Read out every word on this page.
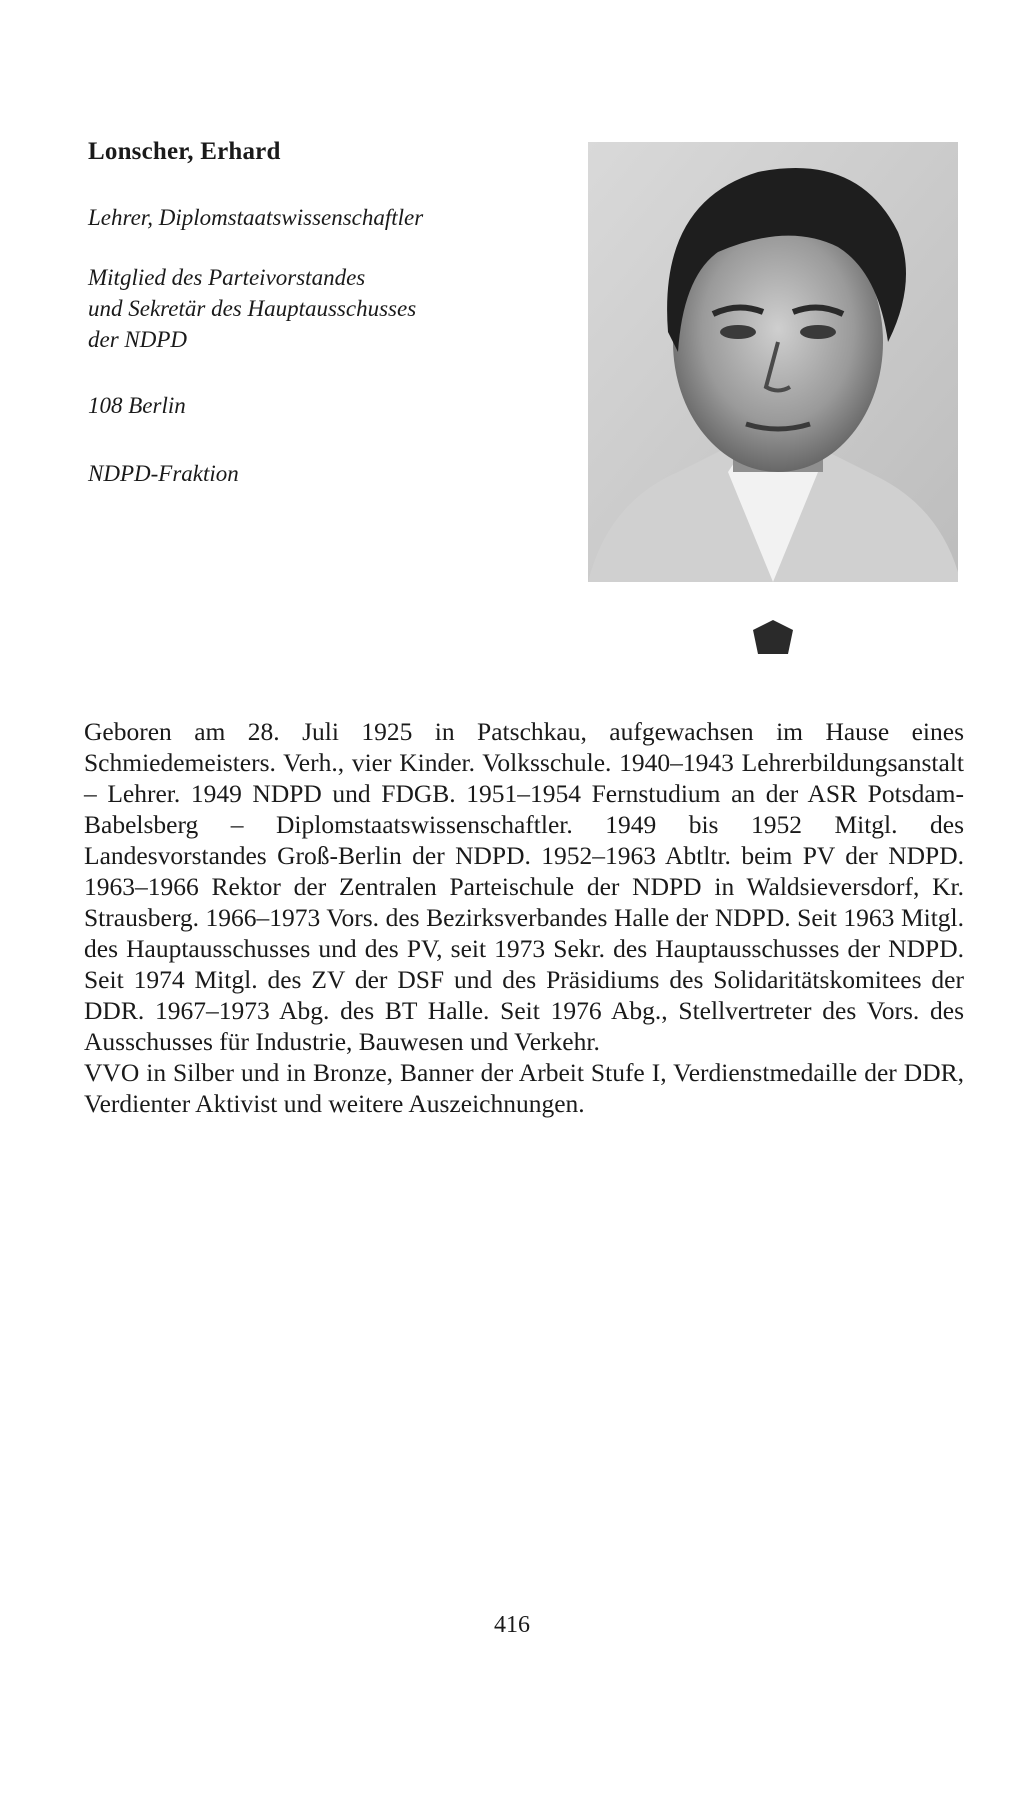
Lonscher, Erhard
Lehrer, Diplomstaatswissenschaftler
Mitglied des Parteivorstandes
und Sekretär des Hauptausschusses
der NDPD
108 Berlin
NDPD-Fraktion

Geboren am 28. Juli 1925 in Patschkau, aufgewachsen im Hause eines Schmiedemeisters. Verh., vier Kinder. Volksschule. 1940–1943 Lehrerbildungsanstalt – Lehrer. 1949 NDPD und FDGB. 1951–1954 Fernstudium an der ASR Potsdam-Babelsberg – Diplomstaatswissenschaftler. 1949 bis 1952 Mitgl. des Landesvorstandes Groß-Berlin der NDPD. 1952–1963 Abtltr. beim PV der NDPD. 1963–1966 Rektor der Zentralen Parteischule der NDPD in Waldsieversdorf, Kr. Strausberg. 1966–1973 Vors. des Bezirksverbandes Halle der NDPD. Seit 1963 Mitgl. des Hauptausschusses und des PV, seit 1973 Sekr. des Hauptausschusses der NDPD. Seit 1974 Mitgl. des ZV der DSF und des Präsidiums des Solidaritätskomitees der DDR. 1967–1973 Abg. des BT Halle. Seit 1976 Abg., Stellvertreter des Vors. des Ausschusses für Industrie, Bauwesen und Verkehr.

VVO in Silber und in Bronze, Banner der Arbeit Stufe I, Verdienstmedaille der DDR, Verdienter Aktivist und weitere Auszeichnungen.

416
